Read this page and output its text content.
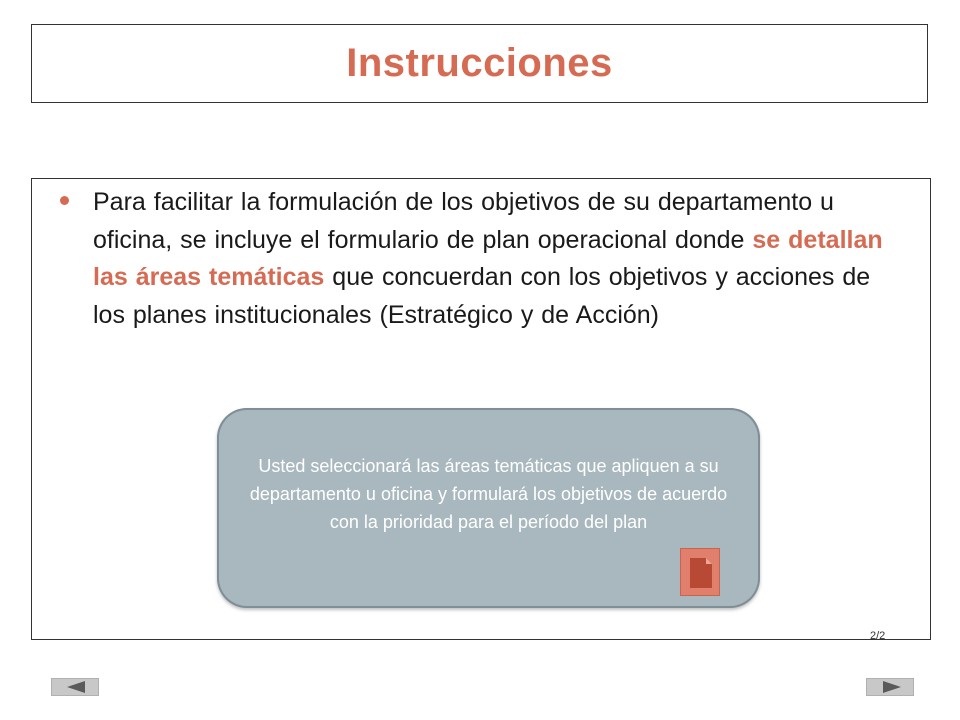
Instrucciones
Para facilitar la formulación de los objetivos de su departamento u oficina, se incluye el formulario de plan operacional donde se detallan las áreas temáticas que concuerdan con los objetivos y acciones de los planes institucionales (Estratégico y de Acción)
Usted seleccionará las áreas temáticas que apliquen a su departamento u oficina y formulará los objetivos de acuerdo con la prioridad para el período del plan
2/2
